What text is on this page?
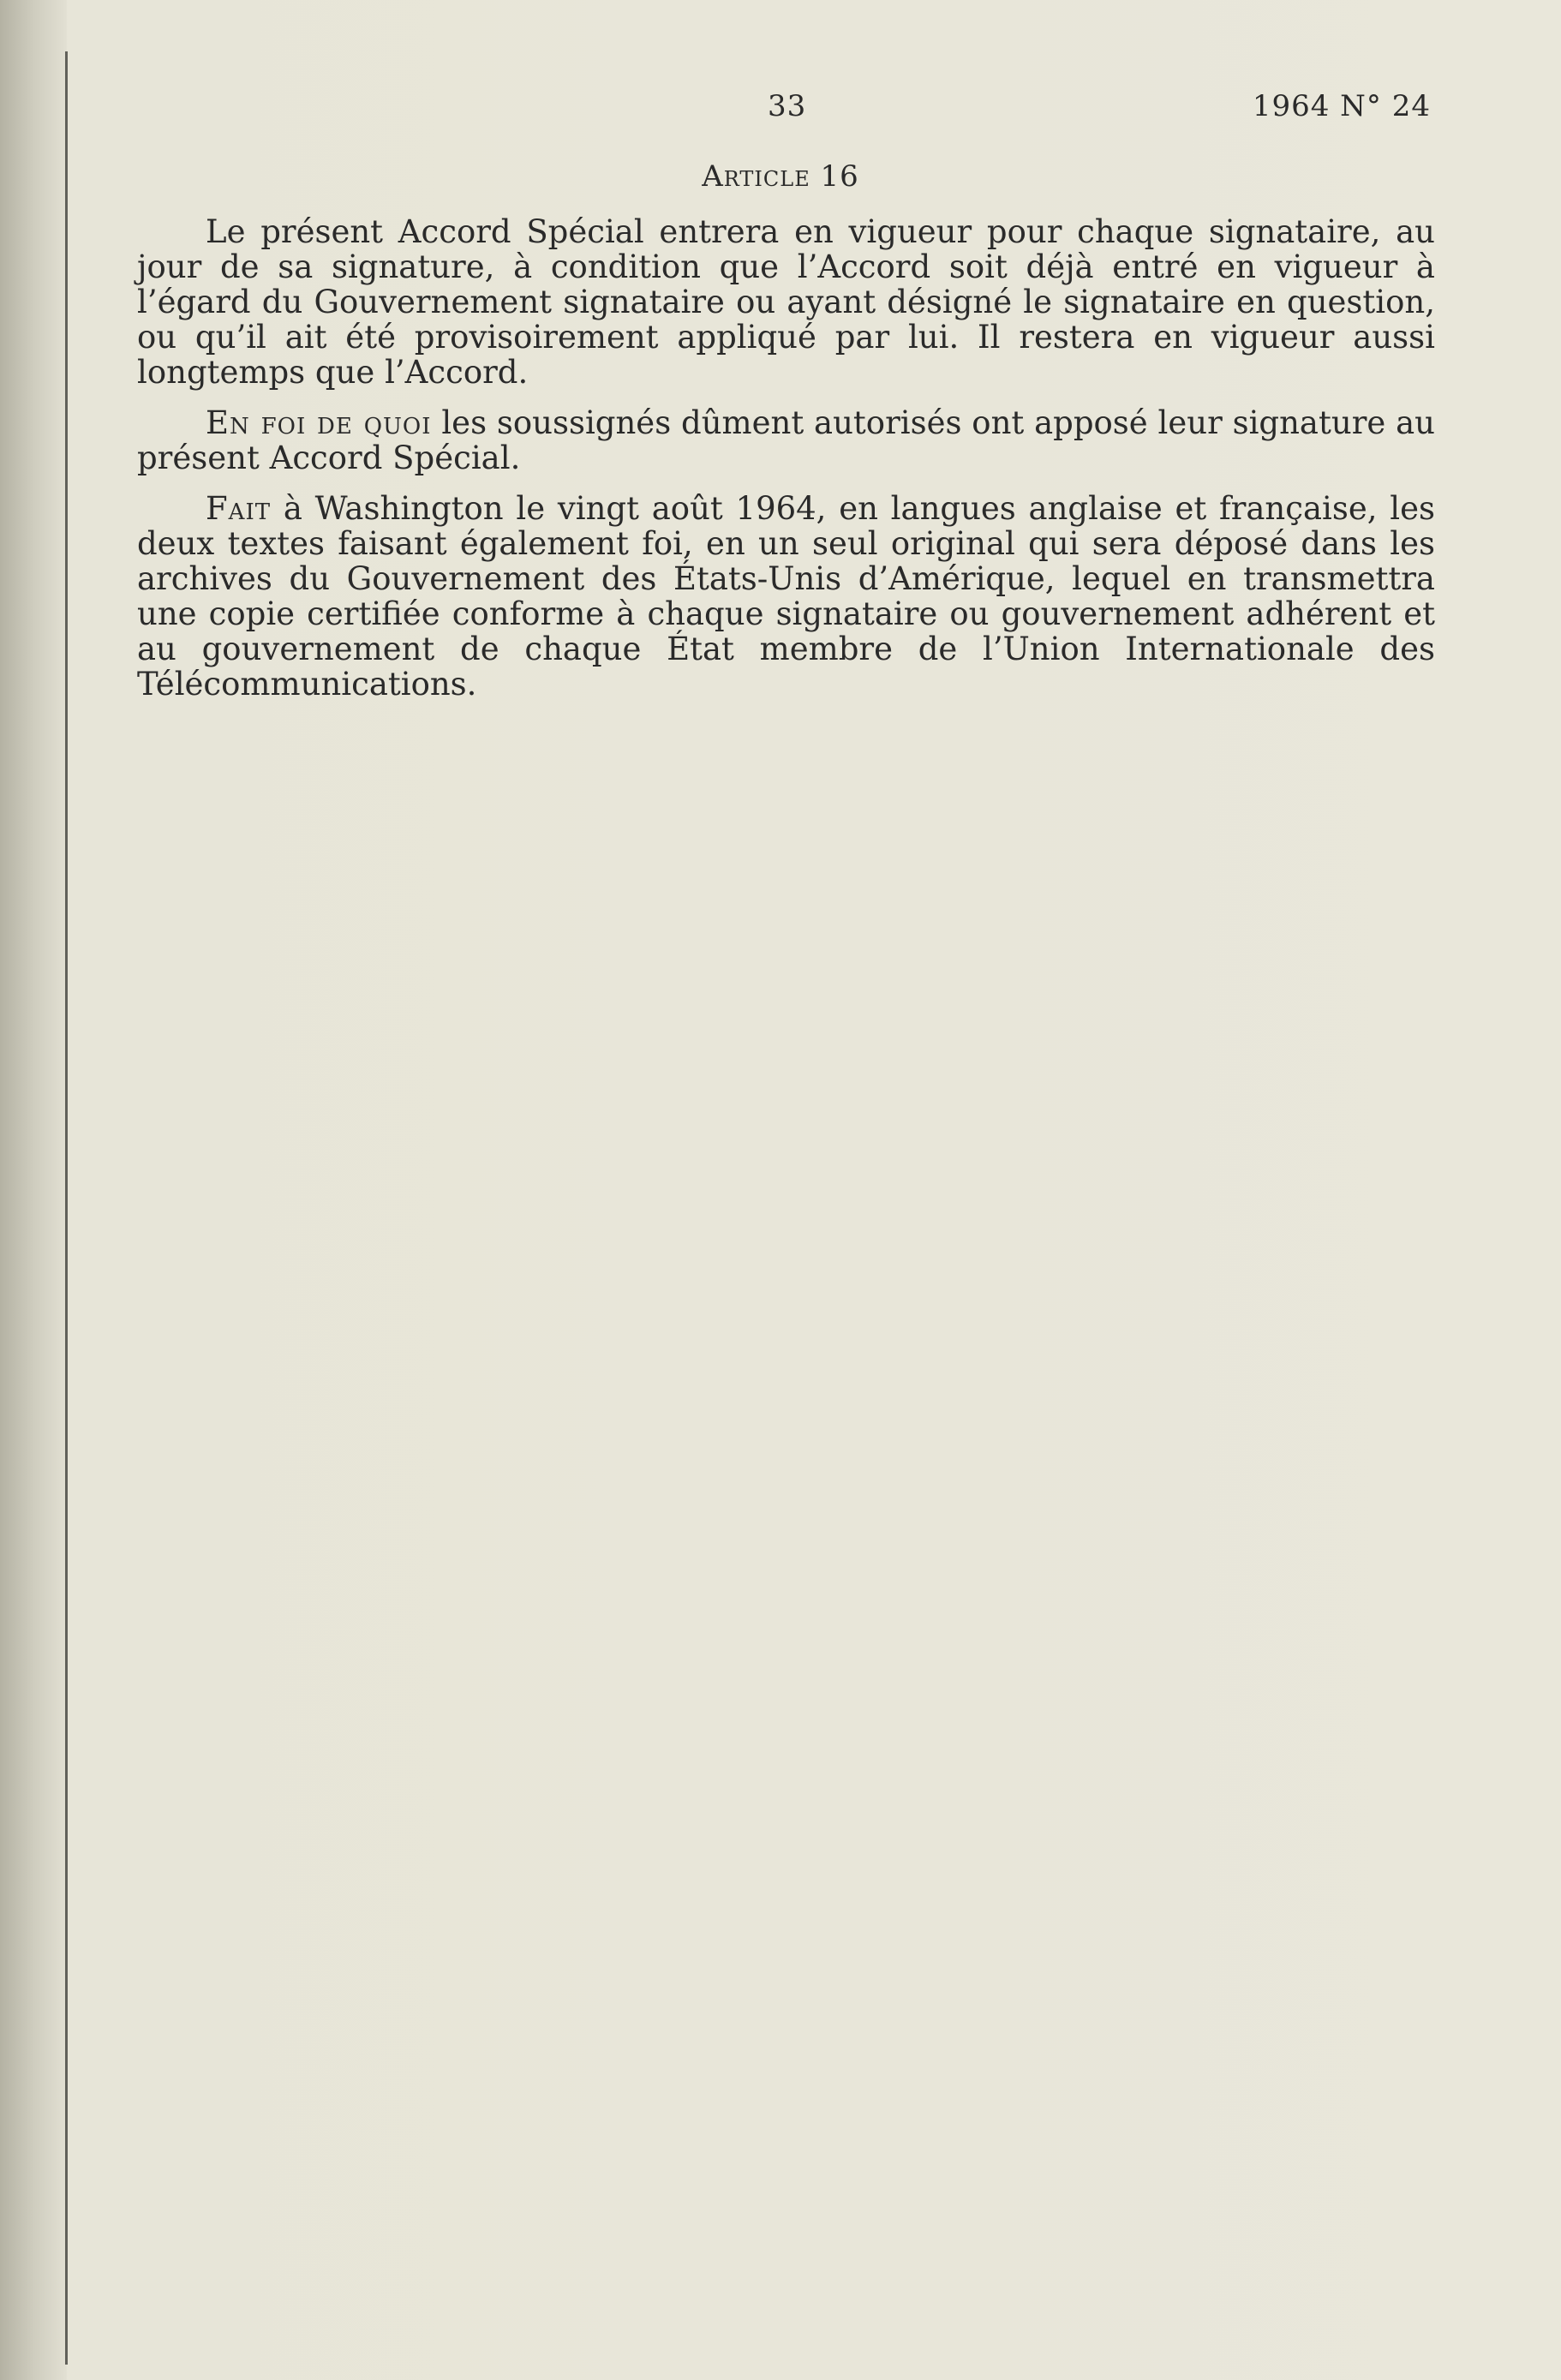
33	1964 N° 24
Article 16

Le présent Accord Spécial entrera en vigueur pour chaque signataire, au jour de sa signature, à condition que l’Accord soit déjà entré en vigueur à l’égard du Gouvernement signataire ou ayant désigné le signataire en question, ou qu’il ait été provisoirement appliqué par lui. Il restera en vigueur aussi longtemps que l’Accord.

En foi de quoi les soussignés dûment autorisés ont apposé leur signature au présent Accord Spécial.

Fait à Washington le vingt août 1964, en langues anglaise et française, les deux textes faisant également foi, en un seul original qui sera déposé dans les archives du Gouvernement des États-Unis d’Amérique, lequel en transmettra une copie certifiée conforme à chaque signataire ou gouvernement adhérent et au gouvernement de chaque État membre de l’Union Internationale des Télécommunications.
